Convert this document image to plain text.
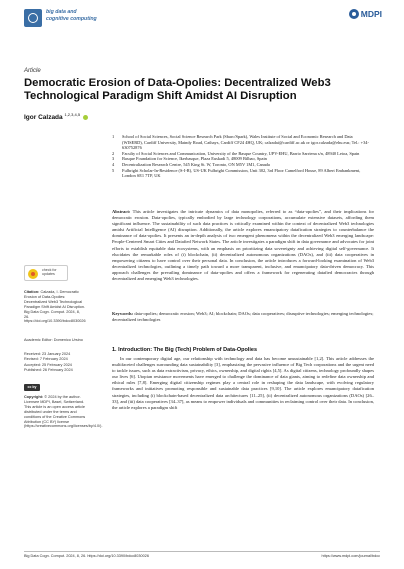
big data and
cognitive computing	MDPI
Article
Democratic Erosion of Data-Opolies: Decentralized Web3 Technological Paradigm Shift Amidst AI Disruption
Igor Calzada $^{1,2,3,4,5}$
1	School of Social Sciences, Social Science Research Park (Sbarc/Spark), Wales Institute of Social and Economic Research and Data (WISERD), Cardiff University, Maindy Road, Cathays, Cardiff CF24 4HQ, UK; calzadai@cardiff.ac.uk or igor.calzada@ehu.eus; Tel.: +34-630752876
2	Faculty of Social Sciences and Communication, University of the Basque Country, UPV-EHU, Barrio Sarriena s/n, 48940 Leioa, Spain
3	Basque Foundation for Science, Ikerbasque, Plaza Euskadi 5, 48009 Bilbao, Spain
4	Decentralization Research Centre, 545 King St. W, Toronto, ON M5V 1M1, Canada
5	Fulbright Scholar-In-Residence (S-I-R), US-UK Fulbright Commission, Unit 302, 3rd Floor Camelford House, 89 Albert Embankment, London SE1 7TP, UK
Abstract: This article investigates the intricate dynamics of data monopolies, referred to as “data-opolies”, and their implications for democratic erosion. Data-opolies, typically embodied by large technology corporations, accumulate extensive datasets, affording them significant influence. The sustainability of such data practices is critically examined within the context of decentralized Web3 technologies amidst Artificial Intelligence (AI) disruption. Additionally, the article explores emancipatory datafication strategies to counterbalance the dominance of data-opolies. It presents an in-depth analysis of two emergent phenomena within the decentralized Web3 emerging landscape: People-Centered Smart Cities and Datafied Network States. The article investigates a paradigm shift in data governance and advocates for joint efforts to establish equitable data ecosystems, with an emphasis on prioritizing data sovereignty and achieving digital self-governance. It elucidates the remarkable roles of (i) blockchain, (ii) decentralized autonomous organizations (DAOs), and (iii) data cooperatives in empowering citizens to have control over their personal data. In conclusion, the article introduces a forward-looking examination of Web3 decentralized technologies, outlining a timely path toward a more transparent, inclusive, and emancipatory data-driven democracy. This approach challenges the prevailing dominance of data-opolies and offers a framework for regenerating datafied democracies through decentralized and emerging Web3 technologies.
Keywords: data-opolies; democratic erosion; Web3; AI; blockchain; DAOs; data cooperatives; disruptive technologies; emerging technologies; decentralized technologies
check for updates
Citation: Calzada, I. Democratic Erosion of Data-Opolies: Decentralized Web3 Technological Paradigm Shift Amidst AI Disruption. Big Data Cogn. Comput. 2024, 8, 26. https://doi.org/10.3390/bdcc8030026
Academic Editor: Domenico Ursino
Received: 23 January 2024
Revised: 7 February 2024
Accepted: 25 February 2024
Published: 26 February 2024
cc by
Copyright: © 2024 by the author. Licensee MDPI, Basel, Switzerland. This article is an open access article distributed under the terms and conditions of the Creative Commons Attribution (CC BY) license (https://creativecommons.org/licenses/by/4.0/).
1. Introduction: The Big (Tech) Problem of Data-Opolies

In our contemporary digital age, our relationship with technology and data has become unsustainable [1,2]. This article addresses the multifaceted challenges surrounding data sustainability [3], emphasizing the pervasive influence of Big Tech corporations and the urgent need to tackle issues, such as data extractivism, privacy, ethics, ownership, and digital rights [4,5]. As digital citizens, technology profoundly shapes our lives [6]. Utopian resistance movements have emerged to challenge the dominance of data giants, aiming to redefine data ownership and ethical rules [7,8]. Emerging digital citizenship regimes play a central role in reshaping the data landscape, with evolving regulatory frameworks and initiatives promoting responsible and sustainable data practices [9,10]. The article explores emancipatory datafication strategies, including (i) blockchain-based decentralized data architectures [11–25], (ii) decentralized autonomous organizations (DAOs) [26–33], and (iii) data cooperatives [34–37], as means to empower individuals and communities in reclaiming control over their data. In conclusion, the article explores a paradigm shift

Big Data Cogn. Comput. 2024, 8, 26. https://doi.org/10.3390/bdcc8030026	https://www.mdpi.com/journal/bdcc
